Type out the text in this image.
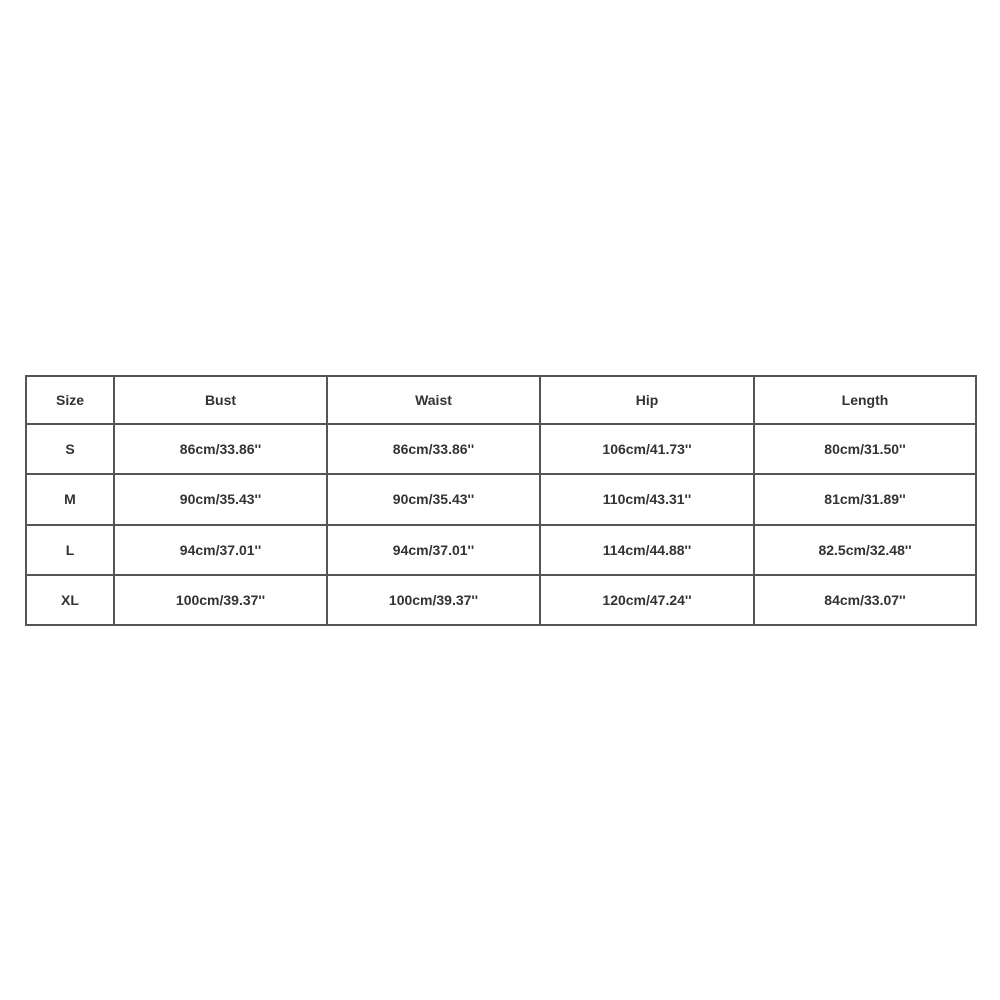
Size	Bust	Waist	Hip	Length
S	86cm/33.86''	86cm/33.86''	106cm/41.73''	80cm/31.50''
M	90cm/35.43''	90cm/35.43''	110cm/43.31''	81cm/31.89''
L	94cm/37.01''	94cm/37.01''	114cm/44.88''	82.5cm/32.48''
XL	100cm/39.37''	100cm/39.37''	120cm/47.24''	84cm/33.07''
